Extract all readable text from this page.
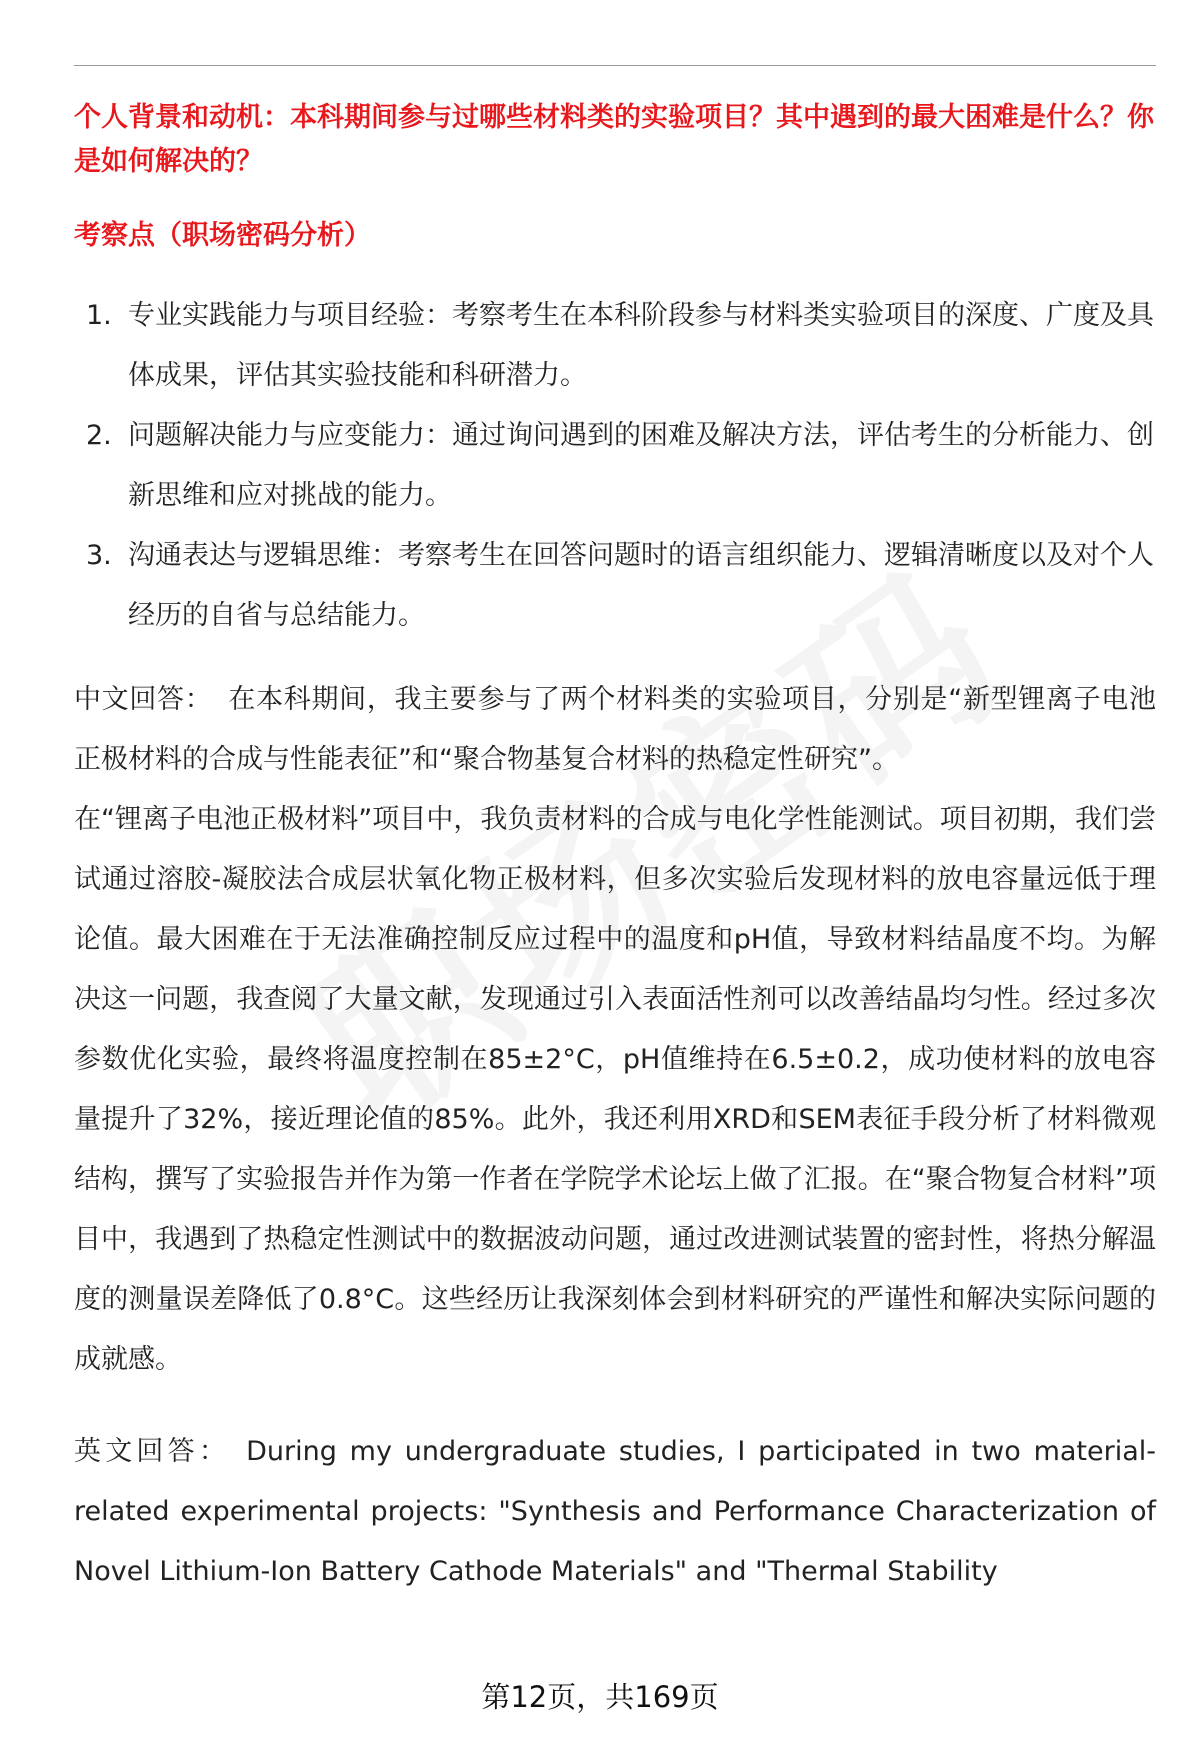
个人背景和动机：本科期间参与过哪些材料类的实验项目？其中遇到的最大困难是什么？你是如何解决的？

考察点（职场密码分析）

1. 专业实践能力与项目经验：考察考生在本科阶段参与材料类实验项目的深度、广度及具体成果，评估其实验技能和科研潜力。
2. 问题解决能力与应变能力：通过询问遇到的困难及解决方法，评估考生的分析能力、创新思维和应对挑战的能力。
3. 沟通表达与逻辑思维：考察考生在回答问题时的语言组织能力、逻辑清晰度以及对个人经历的自省与总结能力。

中文回答： 在本科期间，我主要参与了两个材料类的实验项目，分别是“新型锂离子电池正极材料的合成与性能表征”和“聚合物基复合材料的热稳定性研究”。

在“锂离子电池正极材料”项目中，我负责材料的合成与电化学性能测试。项目初期，我们尝试通过溶胶-凝胶法合成层状氧化物正极材料，但多次实验后发现材料的放电容量远低于理论值。最大困难在于无法准确控制反应过程中的温度和pH值，导致材料结晶度不均。为解决这一问题，我查阅了大量文献，发现通过引入表面活性剂可以改善结晶均匀性。经过多次参数优化实验，最终将温度控制在85±2°C，pH值维持在6.5±0.2，成功使材料的放电容量提升了32%，接近理论值的85%。此外，我还利用XRD和SEM表征手段分析了材料微观结构，撰写了实验报告并作为第一作者在学院学术论坛上做了汇报。在“聚合物复合材料”项目中，我遇到了热稳定性测试中的数据波动问题，通过改进测试装置的密封性，将热分解温度的测量误差降低了0.8°C。这些经历让我深刻体会到材料研究的严谨性和解决实际问题的成就感。

英文回答： During my undergraduate studies, I participated in two material-related experimental projects: "Synthesis and Performance Characterization of Novel Lithium-Ion Battery Cathode Materials" and "Thermal Stability

第12页，共169页
